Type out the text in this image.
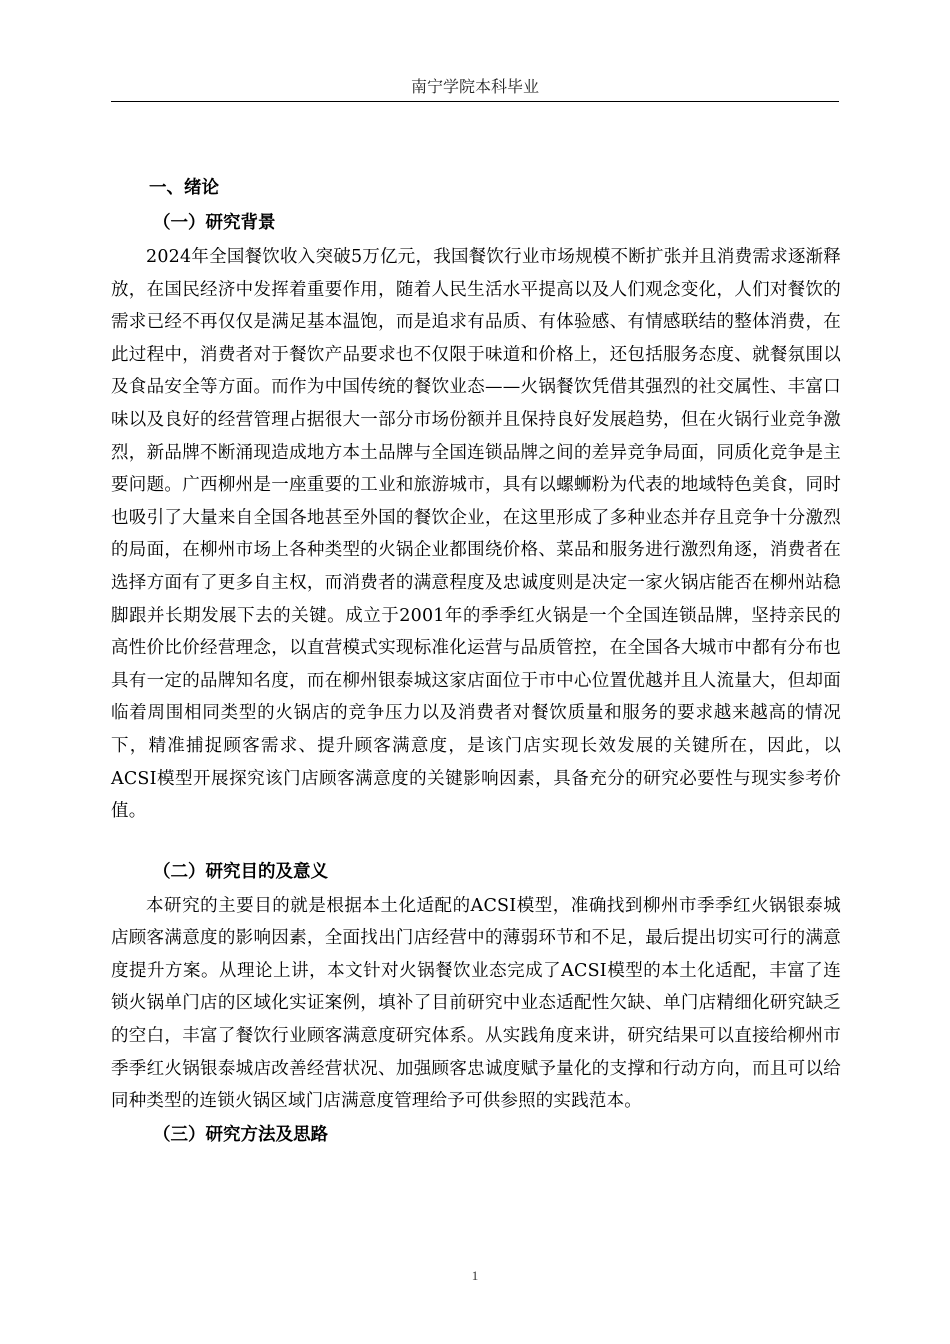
南宁学院本科毕业
一、绪论
（一）研究背景

2024年全国餐饮收入突破5万亿元，我国餐饮行业市场规模不断扩张并且消费需求逐渐释放，在国民经济中发挥着重要作用，随着人民生活水平提高以及人们观念变化，人们对餐饮的需求已经不再仅仅是满足基本温饱，而是追求有品质、有体验感、有情感联结的整体消费，在此过程中，消费者对于餐饮产品要求也不仅限于味道和价格上，还包括服务态度、就餐氛围以及食品安全等方面。而作为中国传统的餐饮业态——火锅餐饮凭借其强烈的社交属性、丰富口味以及良好的经营管理占据很大一部分市场份额并且保持良好发展趋势，但在火锅行业竞争激烈，新品牌不断涌现造成地方本土品牌与全国连锁品牌之间的差异竞争局面，同质化竞争是主要问题。广西柳州是一座重要的工业和旅游城市，具有以螺蛳粉为代表的地域特色美食，同时也吸引了大量来自全国各地甚至外国的餐饮企业，在这里形成了多种业态并存且竞争十分激烈的局面，在柳州市场上各种类型的火锅企业都围绕价格、菜品和服务进行激烈角逐，消费者在选择方面有了更多自主权，而消费者的满意程度及忠诚度则是决定一家火锅店能否在柳州站稳脚跟并长期发展下去的关键。成立于2001年的季季红火锅是一个全国连锁品牌，坚持亲民的高性价比价经营理念，以直营模式实现标准化运营与品质管控，在全国各大城市中都有分布也具有一定的品牌知名度，而在柳州银泰城这家店面位于市中心位置优越并且人流量大，但却面临着周围相同类型的火锅店的竞争压力以及消费者对餐饮质量和服务的要求越来越高的情况下，精准捕捉顾客需求、提升顾客满意度，是该门店实现长效发展的关键所在，因此，以ACSI模型开展探究该门店顾客满意度的关键影响因素，具备充分的研究必要性与现实参考价值。

（二）研究目的及意义

本研究的主要目的就是根据本土化适配的ACSI模型，准确找到柳州市季季红火锅银泰城店顾客满意度的影响因素，全面找出门店经营中的薄弱环节和不足，最后提出切实可行的满意度提升方案。从理论上讲，本文针对火锅餐饮业态完成了ACSI模型的本土化适配，丰富了连锁火锅单门店的区域化实证案例，填补了目前研究中业态适配性欠缺、单门店精细化研究缺乏的空白，丰富了餐饮行业顾客满意度研究体系。从实践角度来讲，研究结果可以直接给柳州市季季红火锅银泰城店改善经营状况、加强顾客忠诚度赋予量化的支撑和行动方向，而且可以给同种类型的连锁火锅区域门店满意度管理给予可供参照的实践范本。

（三）研究方法及思路
1
